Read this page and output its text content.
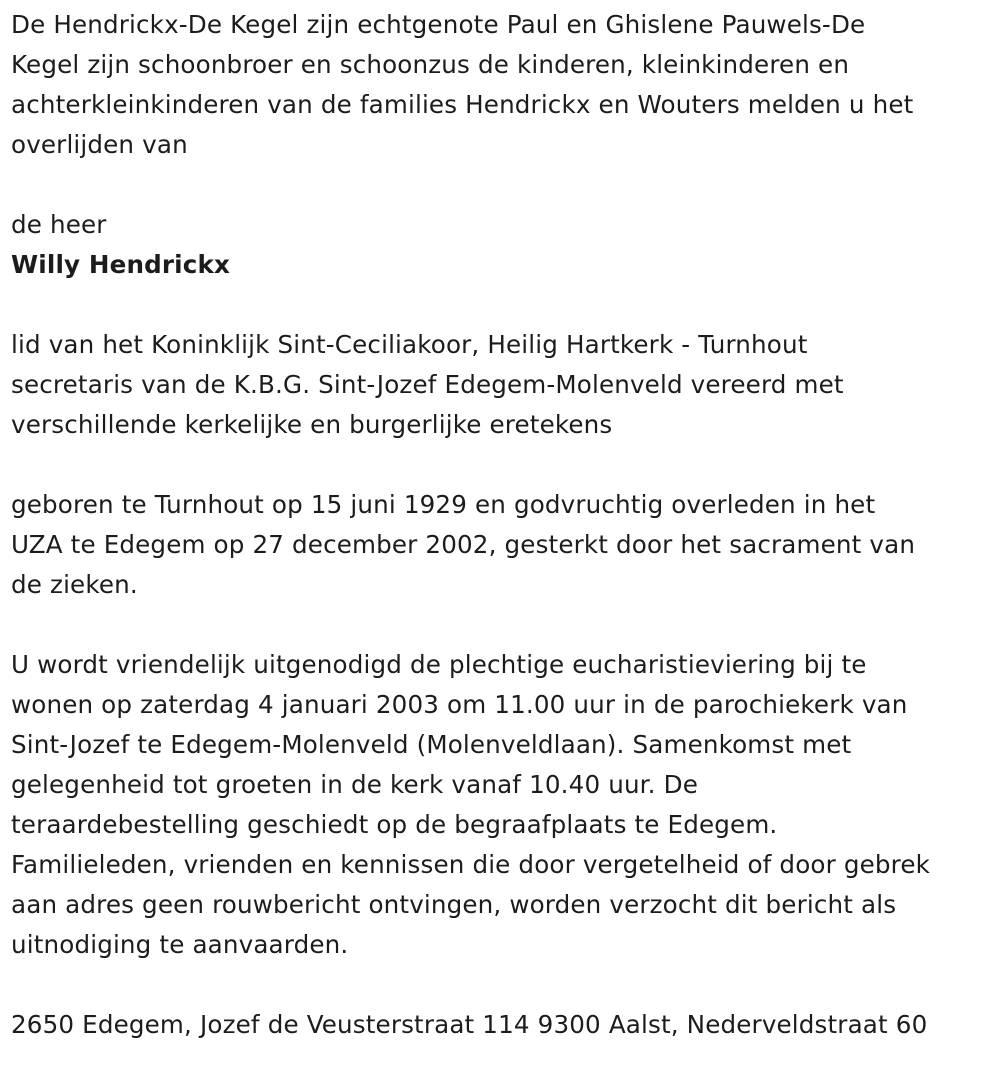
De Hendrickx-De Kegel zijn echtgenote Paul en Ghislene Pauwels-De
Kegel zijn schoonbroer en schoonzus de kinderen, kleinkinderen en
achterkleinkinderen van de families Hendrickx en Wouters melden u het
overlijden van
de heer
Willy Hendrickx
lid van het Koninklijk Sint-Ceciliakoor, Heilig Hartkerk - Turnhout
secretaris van de K.B.G. Sint-Jozef Edegem-Molenveld vereerd met
verschillende kerkelijke en burgerlijke eretekens
geboren te Turnhout op 15 juni 1929 en godvruchtig overleden in het
UZA te Edegem op 27 december 2002, gesterkt door het sacrament van
de zieken.
U wordt vriendelijk uitgenodigd de plechtige eucharistieviering bij te
wonen op zaterdag 4 januari 2003 om 11.00 uur in de parochiekerk van
Sint-Jozef te Edegem-Molenveld (Molenveldlaan). Samenkomst met
gelegenheid tot groeten in de kerk vanaf 10.40 uur. De
teraardebestelling geschiedt op de begraafplaats te Edegem.
Familieleden, vrienden en kennissen die door vergetelheid of door gebrek
aan adres geen rouwbericht ontvingen, worden verzocht dit bericht als
uitnodiging te aanvaarden.
2650 Edegem, Jozef de Veusterstraat 114 9300 Aalst, Nederveldstraat 60
